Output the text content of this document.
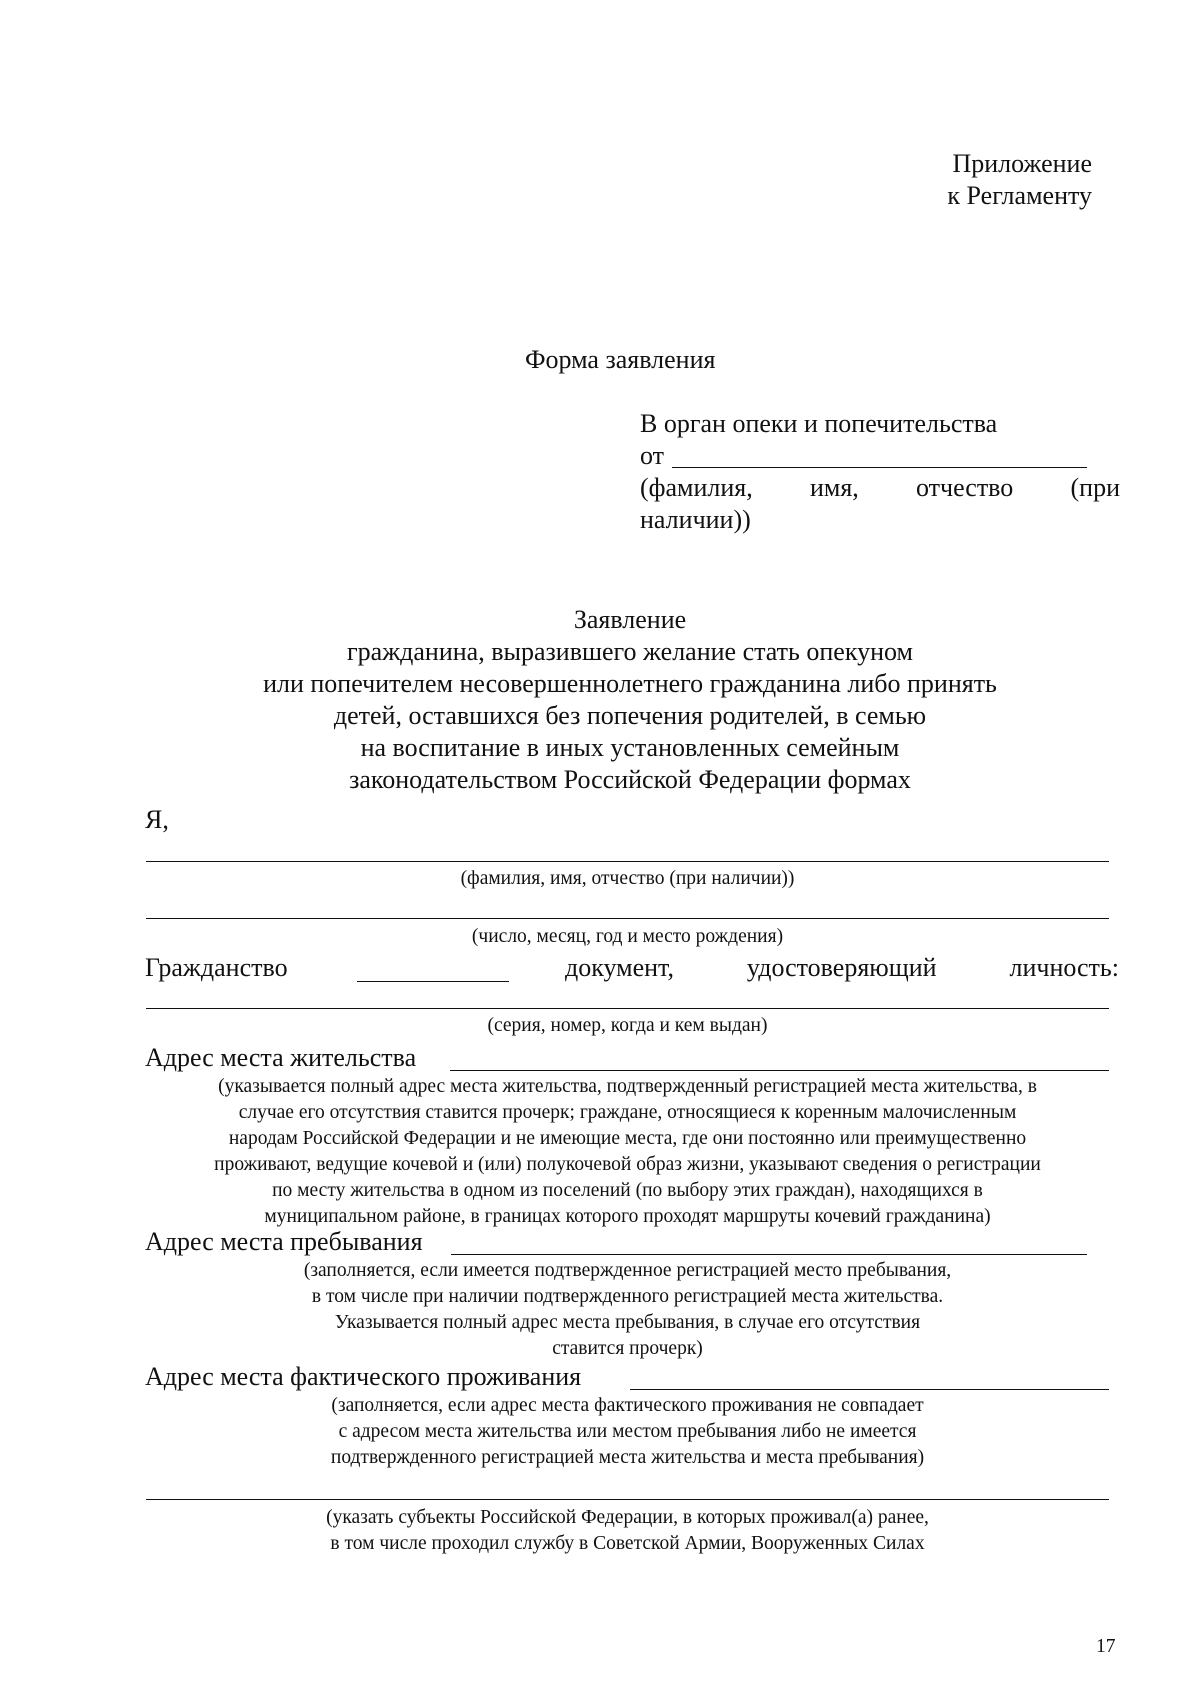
Приложение
к Регламенту
Форма заявления
В орган опеки и попечительства
от
(фамилия, имя, отчество (при
наличии))
Заявление
гражданина, выразившего желание стать опекуном
или попечителем несовершеннолетнего гражданина либо принять
детей, оставшихся без попечения родителей, в семью
на воспитание в иных установленных семейным
законодательством Российской Федерации формах
Я,
(фамилия, имя, отчество (при наличии))
(число, месяц, год и место рождения)
Гражданство	документ,	удостоверяющий	личность:
(серия, номер, когда и кем выдан)
Адрес места жительства
(указывается полный адрес места жительства, подтвержденный регистрацией места жительства, в
случае его отсутствия ставится прочерк; граждане, относящиеся к коренным малочисленным
народам Российской Федерации и не имеющие места, где они постоянно или преимущественно
проживают, ведущие кочевой и (или) полукочевой образ жизни, указывают сведения о регистрации
по месту жительства в одном из поселений (по выбору этих граждан), находящихся в
муниципальном районе, в границах которого проходят маршруты кочевий гражданина)
Адрес места пребывания
(заполняется, если имеется подтвержденное регистрацией место пребывания,
в том числе при наличии подтвержденного регистрацией места жительства.
Указывается полный адрес места пребывания, в случае его отсутствия
ставится прочерк)
Адрес места фактического проживания
(заполняется, если адрес места фактического проживания не совпадает
с адресом места жительства или местом пребывания либо не имеется
подтвержденного регистрацией места жительства и места пребывания)
(указать субъекты Российской Федерации, в которых проживал(а) ранее,
в том числе проходил службу в Советской Армии, Вооруженных Силах
17
